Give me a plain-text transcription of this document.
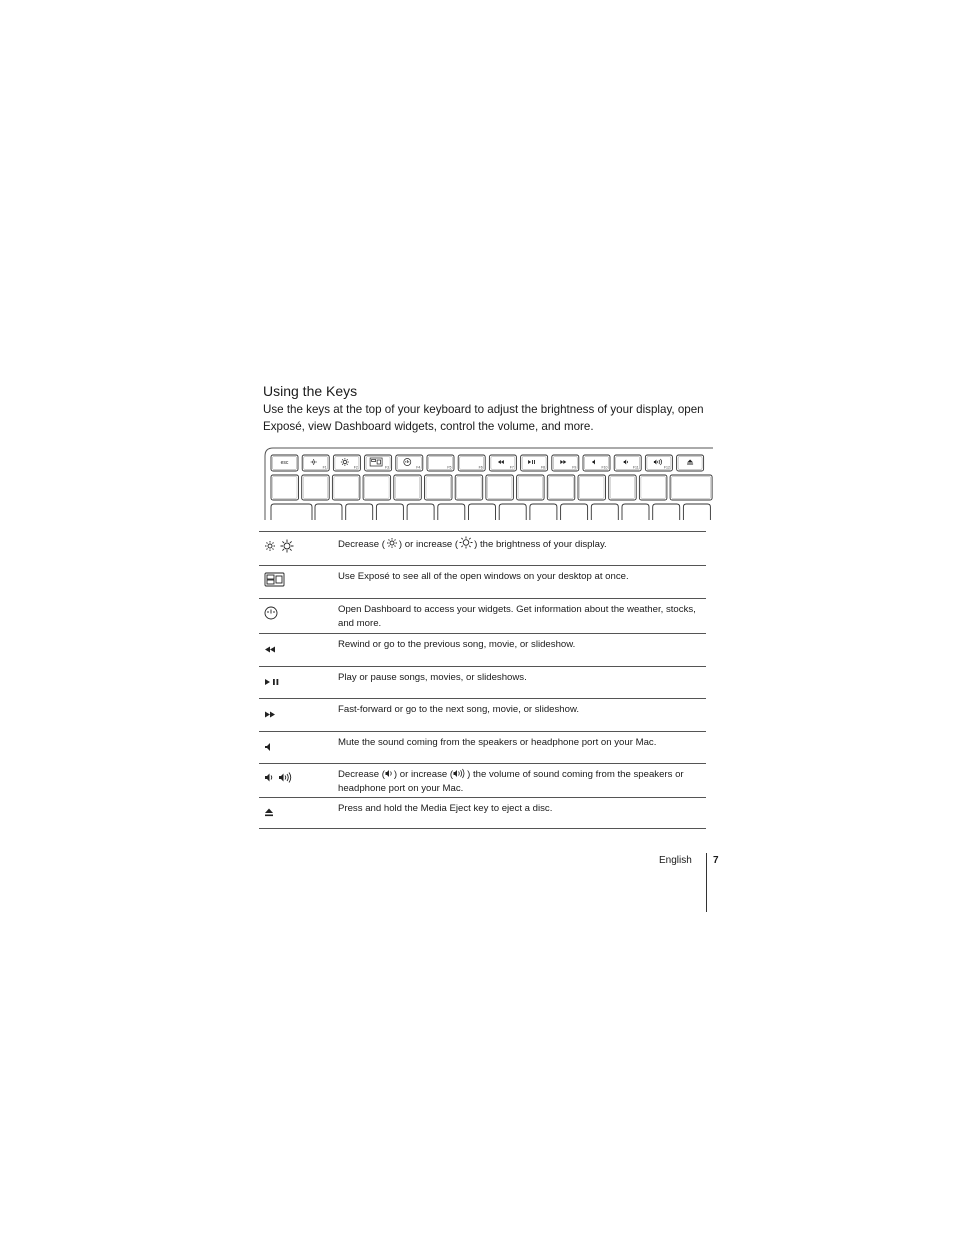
Using the Keys

Use the keys at the top of your keyboard to adjust the brightness of your display, open Exposé, view Dashboard widgets, control the volume, and more.

esc
F1	F2	F3	F4	F5	F6	F7	F8	F9	F10	F11	F12

Decrease ( ) or increase ( ) the brightness of your display.

Use Exposé to see all of the open windows on your desktop at once.

Open Dashboard to access your widgets. Get information about the weather, stocks, and more.

Rewind or go to the previous song, movie, or slideshow.

Play or pause songs, movies, or slideshows.

Fast-forward or go to the next song, movie, or slideshow.

Mute the sound coming from the speakers or headphone port on your Mac.

Decrease ( ) or increase ( ) the volume of sound coming from the speakers or headphone port on your Mac.

Press and hold the Media Eject key to eject a disc.

English 7
